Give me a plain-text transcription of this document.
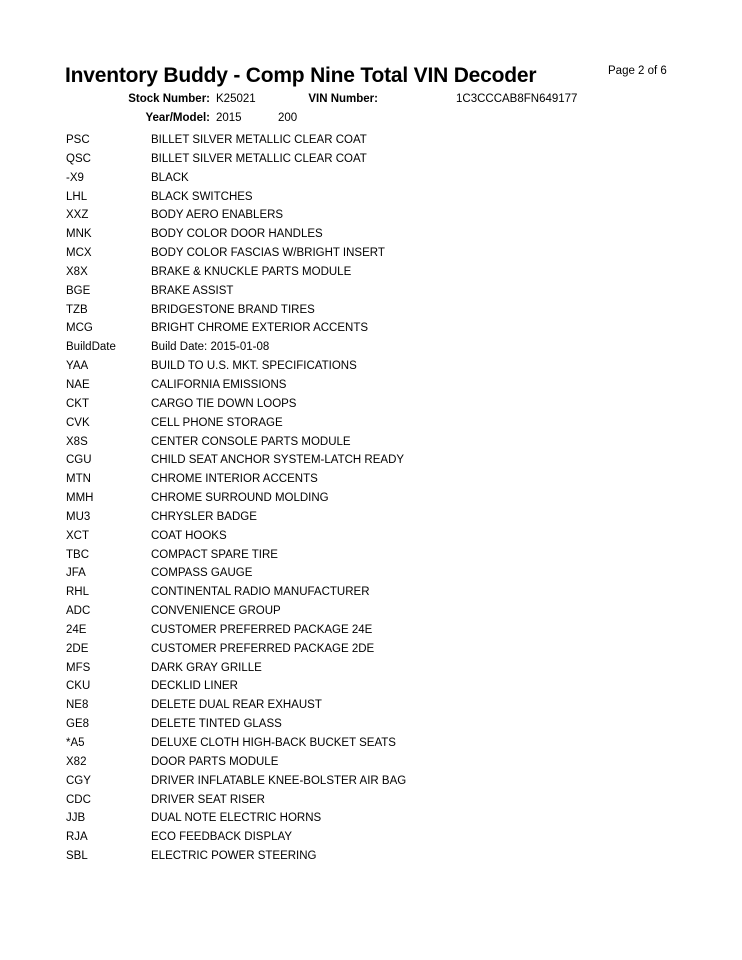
Inventory Buddy - Comp Nine Total VIN Decoder	Page 2 of 6
Stock Number: K25021	VIN Number:	1C3CCCAB8FN649177
Year/Model: 2015	200
PSC	BILLET SILVER METALLIC CLEAR COAT
QSC	BILLET SILVER METALLIC CLEAR COAT
-X9	BLACK
LHL	BLACK SWITCHES
XXZ	BODY AERO ENABLERS
MNK	BODY COLOR DOOR HANDLES
MCX	BODY COLOR FASCIAS W/BRIGHT INSERT
X8X	BRAKE & KNUCKLE PARTS MODULE
BGE	BRAKE ASSIST
TZB	BRIDGESTONE BRAND TIRES
MCG	BRIGHT CHROME EXTERIOR ACCENTS
BuildDate	Build Date: 2015-01-08
YAA	BUILD TO U.S. MKT. SPECIFICATIONS
NAE	CALIFORNIA EMISSIONS
CKT	CARGO TIE DOWN LOOPS
CVK	CELL PHONE STORAGE
X8S	CENTER CONSOLE PARTS MODULE
CGU	CHILD SEAT ANCHOR SYSTEM-LATCH READY
MTN	CHROME INTERIOR ACCENTS
MMH	CHROME SURROUND MOLDING
MU3	CHRYSLER BADGE
XCT	COAT HOOKS
TBC	COMPACT SPARE TIRE
JFA	COMPASS GAUGE
RHL	CONTINENTAL RADIO MANUFACTURER
ADC	CONVENIENCE GROUP
24E	CUSTOMER PREFERRED PACKAGE 24E
2DE	CUSTOMER PREFERRED PACKAGE 2DE
MFS	DARK GRAY GRILLE
CKU	DECKLID LINER
NE8	DELETE DUAL REAR EXHAUST
GE8	DELETE TINTED GLASS
*A5	DELUXE CLOTH HIGH-BACK BUCKET SEATS
X82	DOOR PARTS MODULE
CGY	DRIVER INFLATABLE KNEE-BOLSTER AIR BAG
CDC	DRIVER SEAT RISER
JJB	DUAL NOTE ELECTRIC HORNS
RJA	ECO FEEDBACK DISPLAY
SBL	ELECTRIC POWER STEERING
